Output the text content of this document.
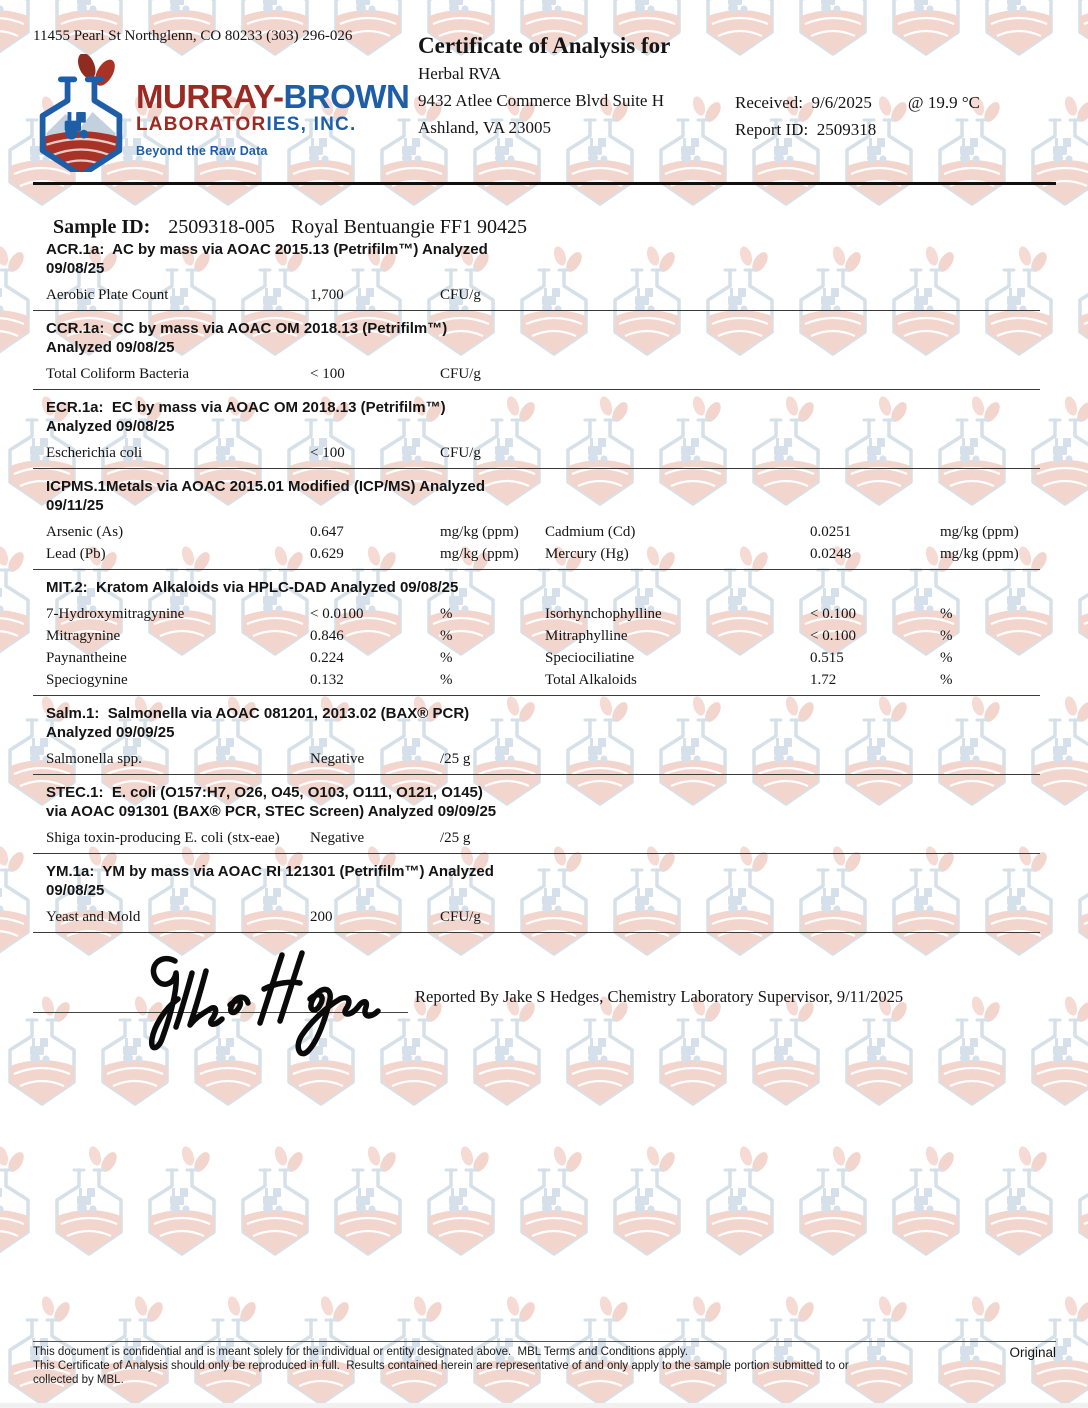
11455 Pearl St Northglenn, CO 80233 (303) 296-026
MURRAY-BROWN
LABORATORIES, INC.
Beyond the Raw Data
Certificate of Analysis for
Herbal RVA
9432 Atlee Commerce Blvd Suite H
Ashland, VA 23005
Received: 9/6/2025 @ 19.9 °C
Report ID: 2509318

Sample ID: 2509318-005 Royal Bentuangie FF1 90425

ACR.1a:  AC by mass via AOAC 2015.13 (Petrifilm™) Analyzed
09/08/25
Aerobic Plate Count	1,700	CFU/g
CCR.1a:  CC by mass via AOAC OM 2018.13 (Petrifilm™)
Analyzed 09/08/25
Total Coliform Bacteria	< 100	CFU/g
ECR.1a:  EC by mass via AOAC OM 2018.13 (Petrifilm™)
Analyzed 09/08/25
Escherichia coli	< 100	CFU/g
ICPMS.1Metals via AOAC 2015.01 Modified (ICP/MS) Analyzed
09/11/25
Arsenic (As)	0.647	mg/kg (ppm)	Cadmium (Cd)	0.0251	mg/kg (ppm)
Lead (Pb)	0.629	mg/kg (ppm)	Mercury (Hg)	0.0248	mg/kg (ppm)
MIT.2:  Kratom Alkaloids via HPLC-DAD Analyzed 09/08/25
7-Hydroxymitragynine	< 0.0100	%	Isorhynchophylline	< 0.100	%
Mitragynine	0.846	%	Mitraphylline	< 0.100	%
Paynantheine	0.224	%	Speciociliatine	0.515	%
Speciogynine	0.132	%	Total Alkaloids	1.72	%
Salm.1:  Salmonella via AOAC 081201, 2013.02 (BAX® PCR)
Analyzed 09/09/25
Salmonella spp.	Negative	/25 g
STEC.1:  E. coli (O157:H7, O26, O45, O103, O111, O121, O145)
via AOAC 091301 (BAX® PCR, STEC Screen) Analyzed 09/09/25
Shiga toxin-producing E. coli (stx-eae)	Negative	/25 g
YM.1a:  YM by mass via AOAC RI 121301 (Petrifilm™) Analyzed
09/08/25
Yeast and Mold	200	CFU/g
Reported By Jake S Hedges, Chemistry Laboratory Supervisor, 9/11/2025
This document is confidential and is meant solely for the individual or entity designated above.  MBL Terms and Conditions apply.
This Certificate of Analysis should only be reproduced in full.  Results contained herein are representative of and only apply to the sample portion submitted to or collected by MBL.
Original
